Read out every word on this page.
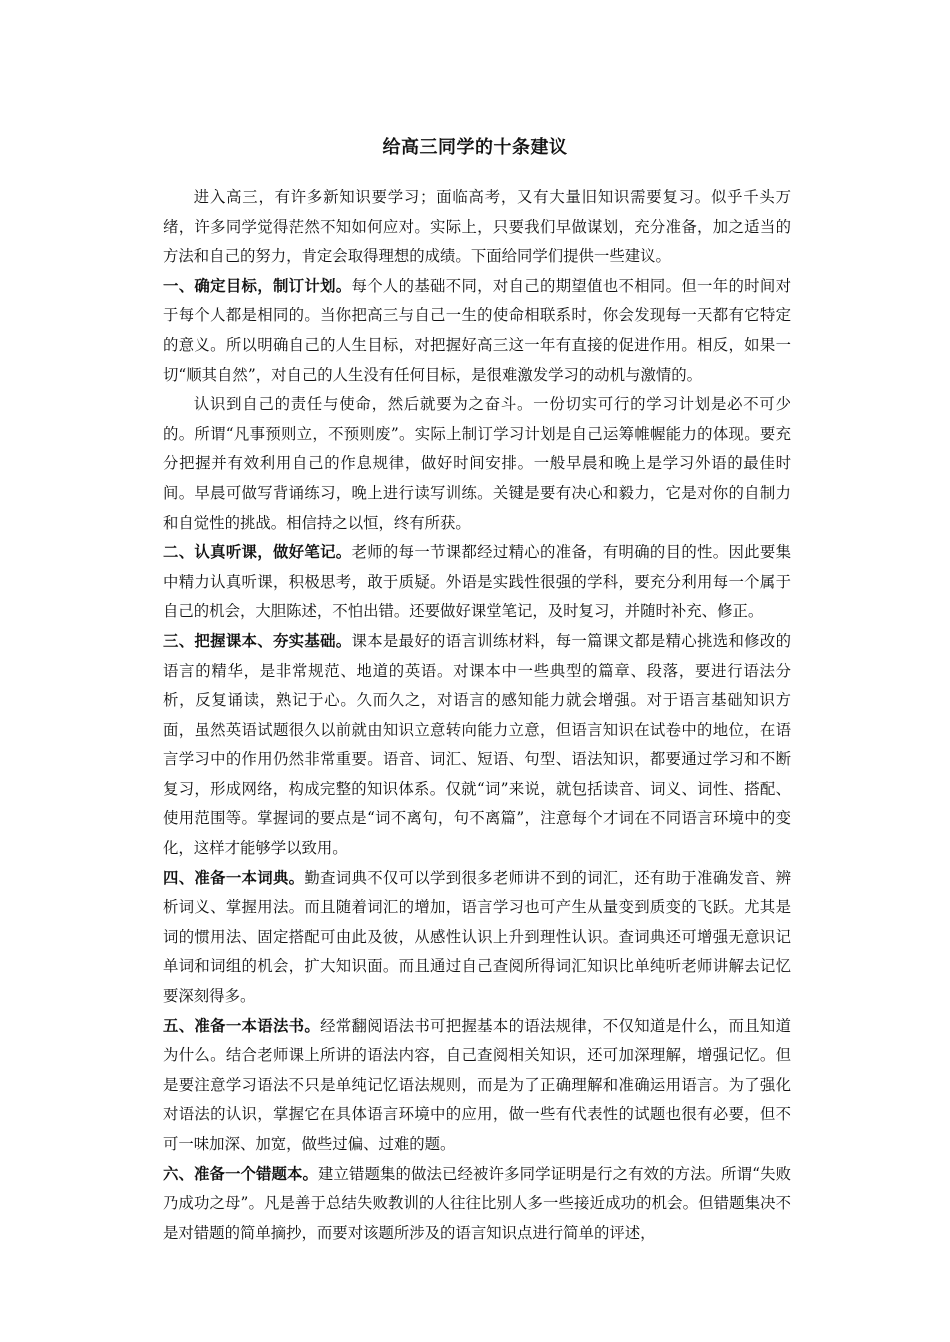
给高三同学的十条建议

进入高三，有许多新知识要学习；面临高考，又有大量旧知识需要复习。似乎千头万绪，许多同学觉得茫然不知如何应对。实际上，只要我们早做谋划，充分准备，加之适当的方法和自己的努力，肯定会取得理想的成绩。下面给同学们提供一些建议。

一、确定目标，制订计划。每个人的基础不同，对自己的期望值也不相同。但一年的时间对于每个人都是相同的。当你把高三与自己一生的使命相联系时，你会发现每一天都有它特定的意义。所以明确自己的人生目标，对把握好高三这一年有直接的促进作用。相反，如果一切“顺其自然”，对自己的人生没有任何目标，是很难激发学习的动机与激情的。

认识到自己的责任与使命，然后就要为之奋斗。一份切实可行的学习计划是必不可少的。所谓“凡事预则立，不预则废”。实际上制订学习计划是自己运筹帷幄能力的体现。要充分把握并有效利用自己的作息规律，做好时间安排。一般早晨和晚上是学习外语的最佳时间。早晨可做写背诵练习，晚上进行读写训练。关键是要有决心和毅力，它是对你的自制力和自觉性的挑战。相信持之以恒，终有所获。

二、认真听课，做好笔记。老师的每一节课都经过精心的准备，有明确的目的性。因此要集中精力认真听课，积极思考，敢于质疑。外语是实践性很强的学科，要充分利用每一个属于自己的机会，大胆陈述，不怕出错。还要做好课堂笔记，及时复习，并随时补充、修正。

三、把握课本、夯实基础。课本是最好的语言训练材料，每一篇课文都是精心挑选和修改的语言的精华，是非常规范、地道的英语。对课本中一些典型的篇章、段落，要进行语法分析，反复诵读，熟记于心。久而久之，对语言的感知能力就会增强。对于语言基础知识方面，虽然英语试题很久以前就由知识立意转向能力立意，但语言知识在试卷中的地位，在语言学习中的作用仍然非常重要。语音、词汇、短语、句型、语法知识，都要通过学习和不断复习，形成网络，构成完整的知识体系。仅就“词”来说，就包括读音、词义、词性、搭配、使用范围等。掌握词的要点是“词不离句，句不离篇”，注意每个才词在不同语言环境中的变化，这样才能够学以致用。

四、准备一本词典。勤查词典不仅可以学到很多老师讲不到的词汇，还有助于准确发音、辨析词义、掌握用法。而且随着词汇的增加，语言学习也可产生从量变到质变的飞跃。尤其是词的惯用法、固定搭配可由此及彼，从感性认识上升到理性认识。查词典还可增强无意识记单词和词组的机会，扩大知识面。而且通过自己查阅所得词汇知识比单纯听老师讲解去记忆要深刻得多。

五、准备一本语法书。经常翻阅语法书可把握基本的语法规律，不仅知道是什么，而且知道为什么。结合老师课上所讲的语法内容，自己查阅相关知识，还可加深理解，增强记忆。但是要注意学习语法不只是单纯记忆语法规则，而是为了正确理解和准确运用语言。为了强化对语法的认识，掌握它在具体语言环境中的应用，做一些有代表性的试题也很有必要，但不可一味加深、加宽，做些过偏、过难的题。

六、准备一个错题本。建立错题集的做法已经被许多同学证明是行之有效的方法。所谓“失败乃成功之母”。凡是善于总结失败教训的人往往比别人多一些接近成功的机会。但错题集决不是对错题的简单摘抄，而要对该题所涉及的语言知识点进行简单的评述，
